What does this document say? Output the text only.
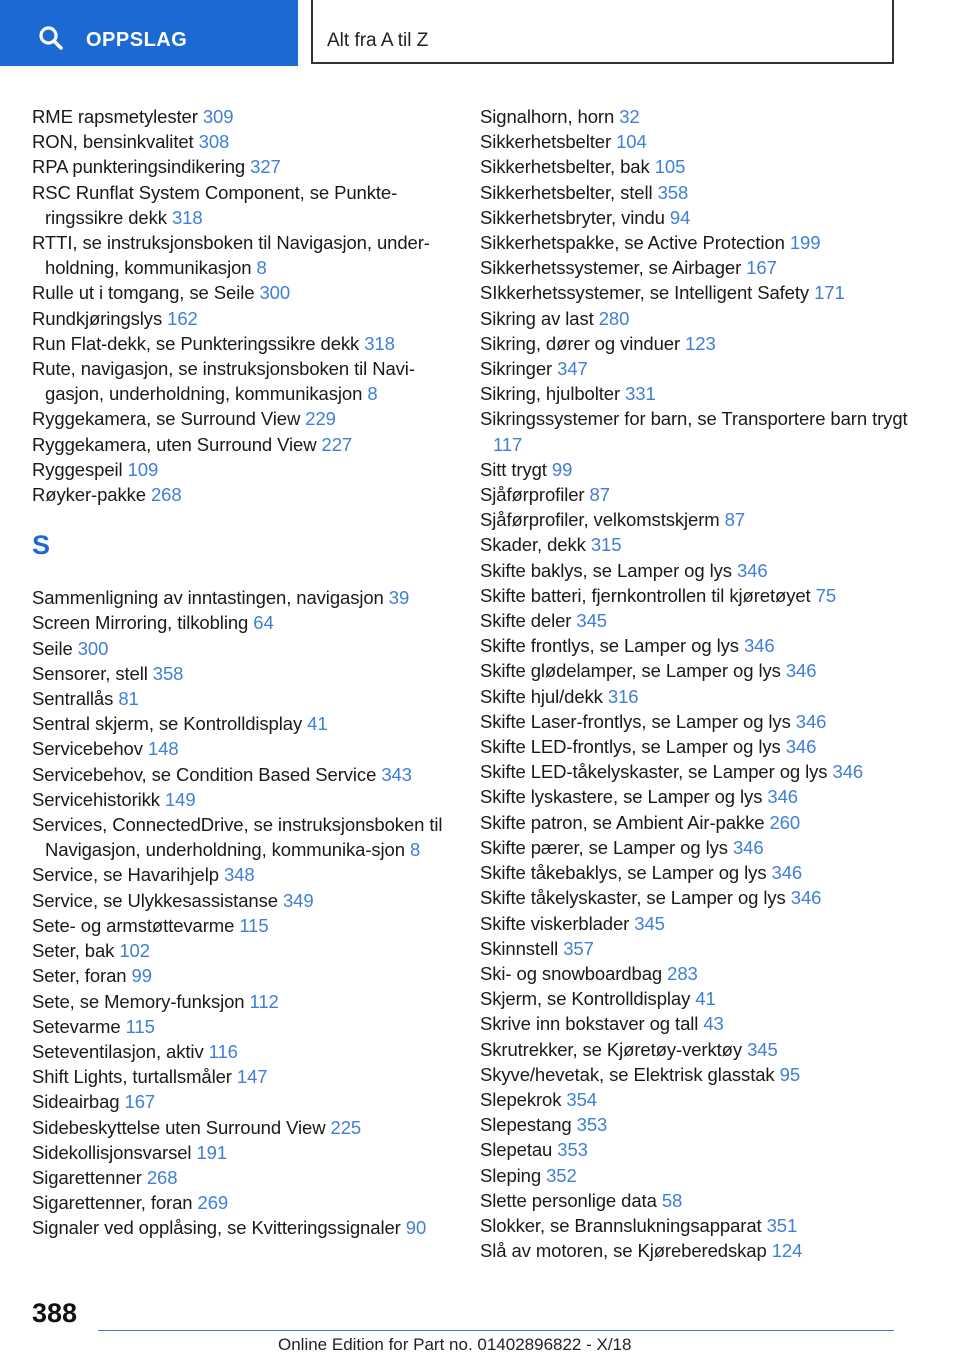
OPPSLAG	Alt fra A til Z
RME rapsmetylester 309
RON, bensinkvalitet 308
RPA punkteringsindikering 327
RSC Runflat System Component, se Punkte‐ringssikre dekk 318
RTTI, se instruksjonsboken til Navigasjon, under‐holdning, kommunikasjon 8
Rulle ut i tomgang, se Seile 300
Rundkjøringslys 162
Run Flat-dekk, se Punkteringssikre dekk 318
Rute, navigasjon, se instruksjonsboken til Navi‐gasjon, underholdning, kommunikasjon 8
Ryggekamera, se Surround View 229
Ryggekamera, uten Surround View 227
Ryggespeil 109
Røyker-pakke 268
S
Sammenligning av inntastingen, navigasjon 39
Screen Mirroring, tilkobling 64
Seile 300
Sensorer, stell 358
Sentrallås 81
Sentral skjerm, se Kontrolldisplay 41
Servicebehov 148
Servicebehov, se Condition Based Service 343
Servicehistorikk 149
Services, ConnectedDrive, se instruksjonsboken til Navigasjon, underholdning, kommunika‐sjon 8
Service, se Havarihjelp 348
Service, se Ulykkesassistanse 349
Sete- og armstøttevarme 115
Seter, bak 102
Seter, foran 99
Sete, se Memory-funksjon 112
Setevarme 115
Seteventilasjon, aktiv 116
Shift Lights, turtallsmåler 147
Sideairbag 167
Sidebeskyttelse uten Surround View 225
Sidekollisjonsvarsel 191
Sigarettenner 268
Sigarettenner, foran 269
Signaler ved opplåsing, se Kvitteringssignaler 90
Signalhorn, horn 32
Sikkerhetsbelter 104
Sikkerhetsbelter, bak 105
Sikkerhetsbelter, stell 358
Sikkerhetsbryter, vindu 94
Sikkerhetspakke, se Active Protection 199
Sikkerhetssystemer, se Airbager 167
SIkkerhetssystemer, se Intelligent Safety 171
Sikring av last 280
Sikring, dører og vinduer 123
Sikringer 347
Sikring, hjulbolter 331
Sikringssystemer for barn, se Transportere barn trygt 117
Sitt trygt 99
Sjåførprofiler 87
Sjåførprofiler, velkomstskjerm 87
Skader, dekk 315
Skifte baklys, se Lamper og lys 346
Skifte batteri, fjernkontrollen til kjøretøyet 75
Skifte deler 345
Skifte frontlys, se Lamper og lys 346
Skifte glødelamper, se Lamper og lys 346
Skifte hjul/dekk 316
Skifte Laser-frontlys, se Lamper og lys 346
Skifte LED-frontlys, se Lamper og lys 346
Skifte LED-tåkelyskaster, se Lamper og lys 346
Skifte lyskastere, se Lamper og lys 346
Skifte patron, se Ambient Air-pakke 260
Skifte pærer, se Lamper og lys 346
Skifte tåkebaklys, se Lamper og lys 346
Skifte tåkelyskaster, se Lamper og lys 346
Skifte viskerblader 345
Skinnstell 357
Ski- og snowboardbag 283
Skjerm, se Kontrolldisplay 41
Skrive inn bokstaver og tall 43
Skrutrekker, se Kjøretøy-verktøy 345
Skyve/hevetak, se Elektrisk glasstak 95
Slepekrok 354
Slepestang 353
Slepetau 353
Sleping 352
Slette personlige data 58
Slokker, se Brannslukningsapparat 351
Slå av motoren, se Kjøreberedskap 124
388
Online Edition for Part no. 01402896822 - X/18
